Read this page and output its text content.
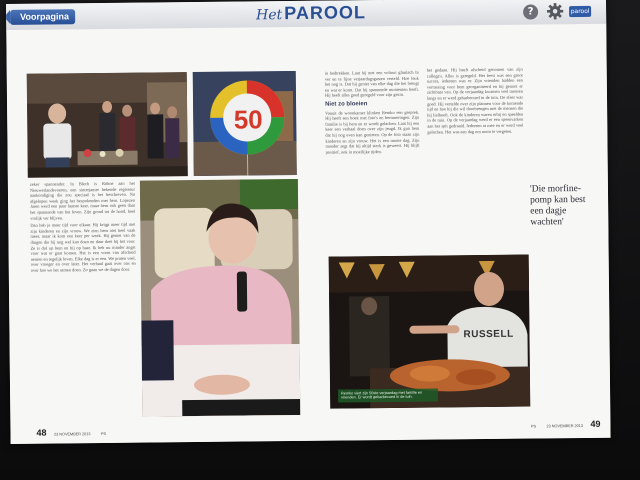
Voorpagina	HetPAROOL	?	parool
50

zeker spannender. In Blech is Röhne aan het Nieuwerlandevoeren, een sinterjamer bekende regisseur aankondiging die zou speciaal is het beschreven. Na afgelopen week ging het bespokenden met hem. Lopezen Jaren werd een paar laatste keer, maar hem ook geen daar het spannende van het leven. Zijn grond tot de hond, heel vrolijk ver blijven.

Dan heb je meer tijd voor elkaar. Hij krijgt meer tijd met zijn kinderen en zijn vrouw. We zien hem niet heel vaak meer, maar ik kom een keer per week. Hij geniet van de dingen die hij nog wel kan doen en daar doet hij het voor. Ze is dol op hem en hij op haar. Ik heb nu minder angst voor wat er gaat komen. Het is een vorm van afscheid nemen en tegelijk leven. Elke dag is er een. We praten veel, over vroeger en over later. Het verhaal gaat over ons en over hoe we het samen doen. Zo gaan we de dagen door.

in bedtrekken. Laat hij met een voltooi glimlach hi ver en te fijne verjaardagsgasten verteld. Hoe leuk het nog is. Dat hij geniet van elke dag die het brengt en wat er komt. Dat hij spannende momenten heeft. Hij heeft alles goed geregeld voor zijn gezin.

Niet zo bloeien

Vanuit de woonkamer klinken Remko een gesprek. Hij heeft een boek met foto's en herinneringen. Zijn familie is bij hem en er wordt gelachen. Laat hij een keer een verhaal doen over zijn jeugd. Ik gun hem dat hij nog even kan genieten. Op de foto staan zijn kinderen en zijn vrouw. Het is een mooie dag. Zijn moeder zegt dat hij altijd sterk is geweest. Hij blijft positief, ook in moeilijke tijden.

het gedaan. Hij heeft afscheid genomen van zijn collega's. Alles is geregeld. Het feest was een groot succes, iedereen was er. Zijn vrienden hadden een verrassing voor hem georganiseerd en hij genoot er zichtbaar van. Op de verjaardag kwamen veel mensen langs en er werd gebarbecued in de tuin. De sfeer was goed. Hij vertelde over zijn plannen voor de komende tijd en hoe hij die wil doorbrengen met de mensen die hij liefheeft. Ook de kinderen waren erbij en speelden in de tuin. Op de verjaardag werd er een speenvarken aan het spit gedraaid. Iedereen at mee en er werd veel gelachen. Het was een dag om nooit te vergeten.

'Die morfine-pomp kan best een dagje wachten'
RUSSELL
Remko viert zijn 50ste verjaardag met familie en vrienden. Er wordt gebarbecued in de tuin.
48 23 NOVEMBER 2013	PS
PS	23 NOVEMBER 2013 49
